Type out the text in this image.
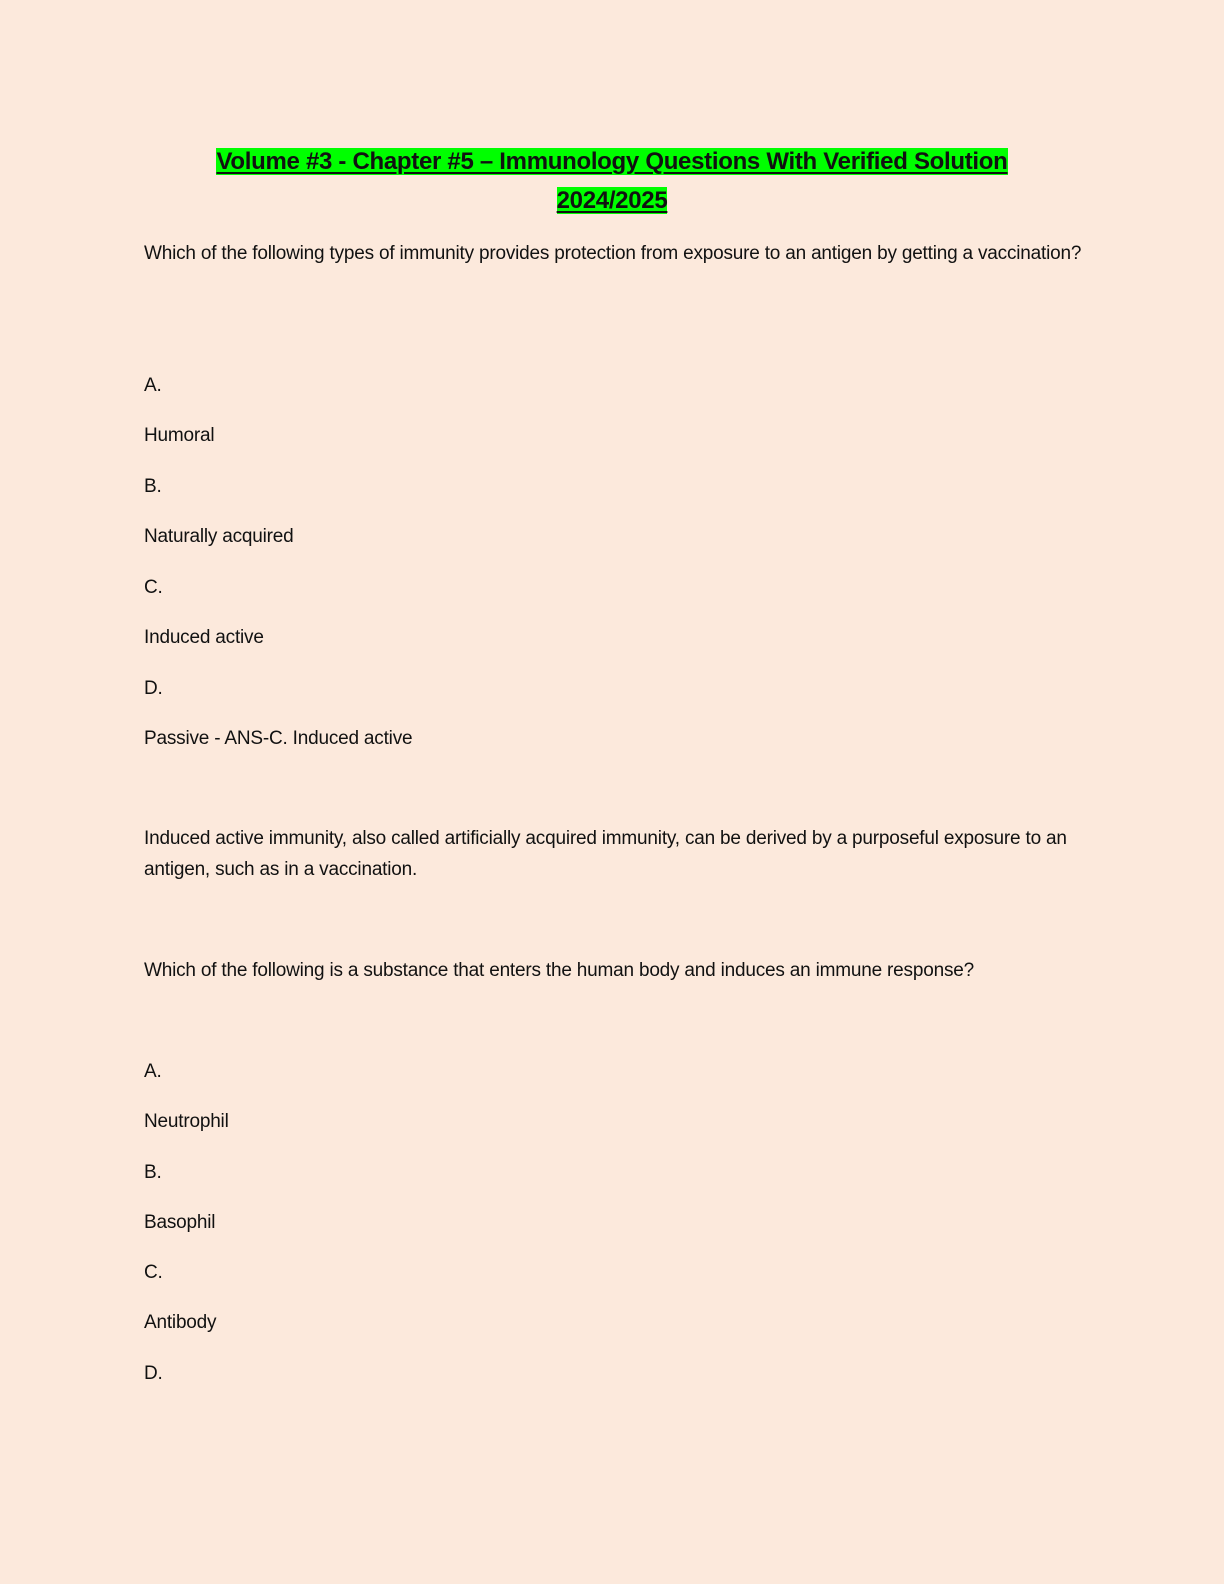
Volume #3 - Chapter #5 – Immunology Questions With Verified Solution
2024/2025

Which of the following types of immunity provides protection from exposure to an antigen by getting a vaccination?

A.

Humoral

B.

Naturally acquired

C.

Induced active

D.

Passive - ANS-C. Induced active

Induced active immunity, also called artificially acquired immunity, can be derived by a purposeful exposure to an antigen, such as in a vaccination.

Which of the following is a substance that enters the human body and induces an immune response?

A.

Neutrophil

B.

Basophil

C.

Antibody

D.
